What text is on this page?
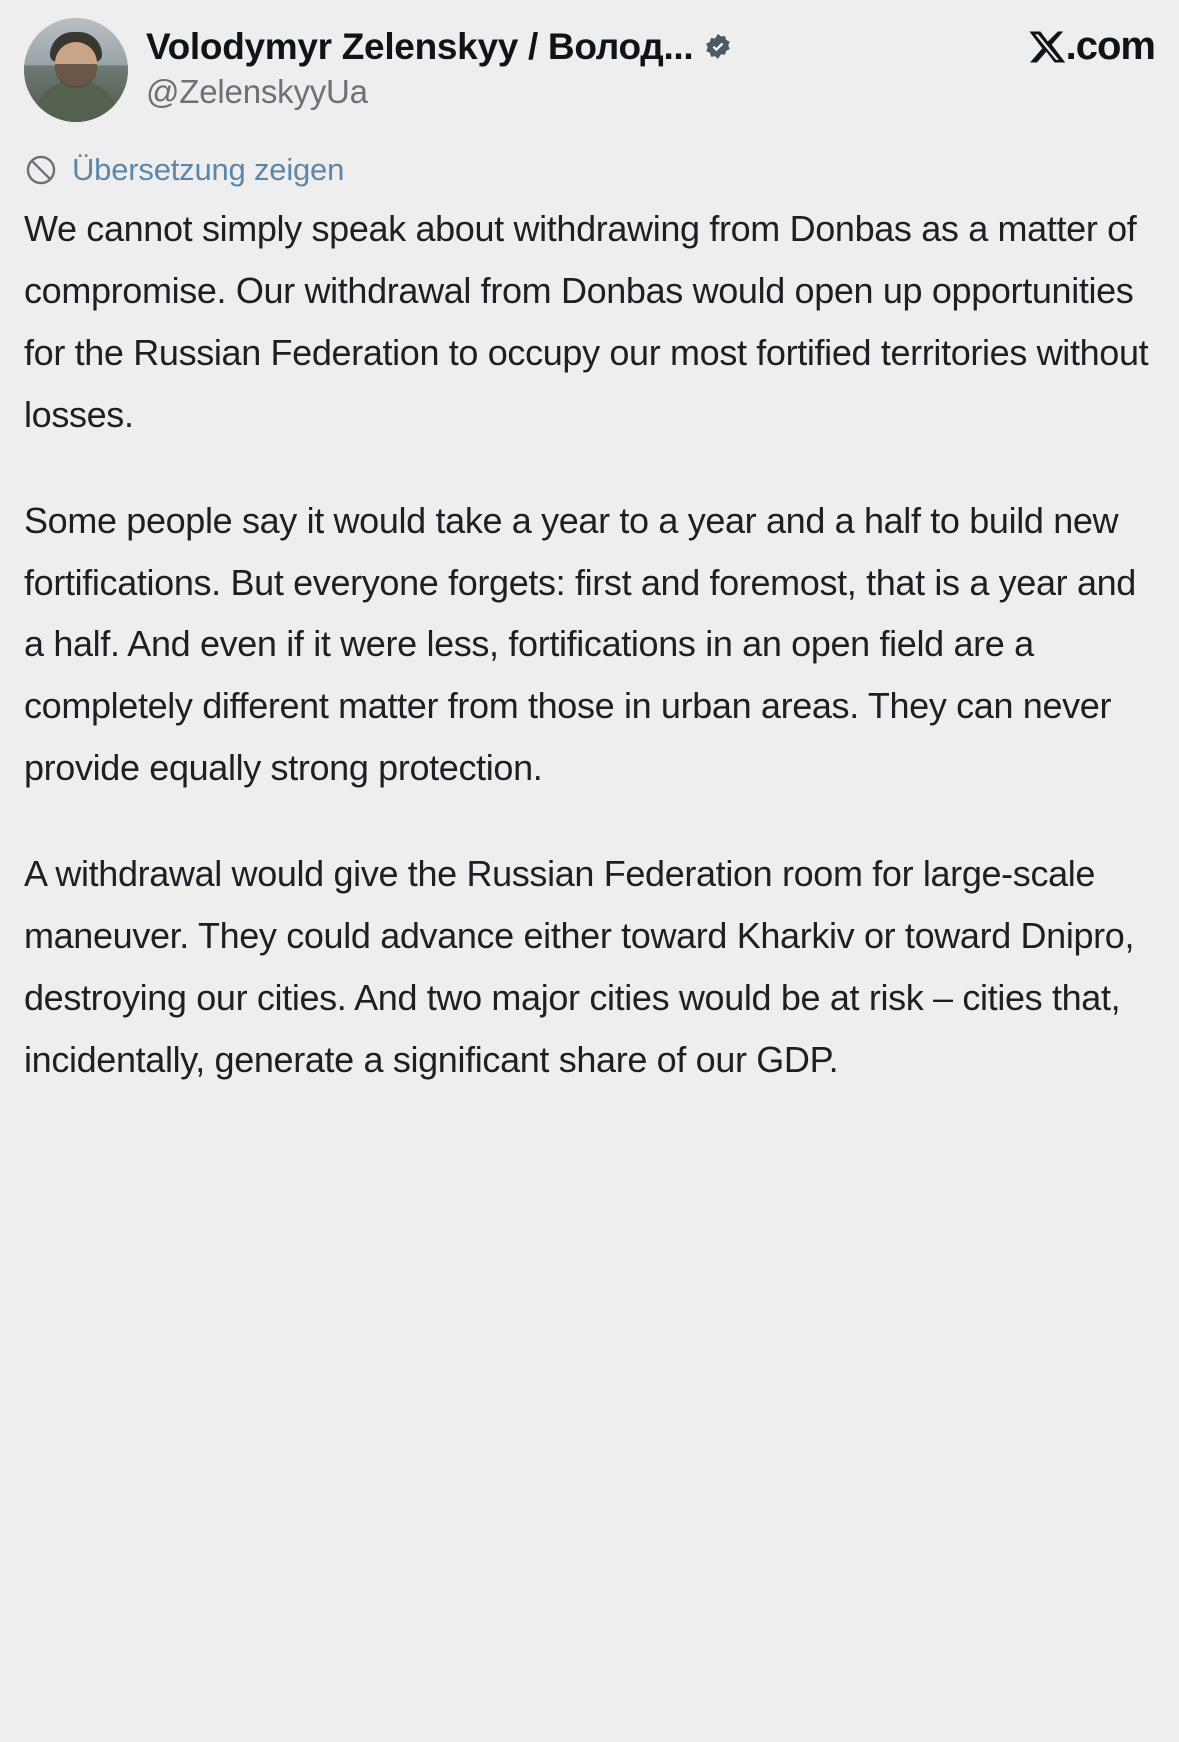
Volodymyr Zelenskyy / Волод...	.com
@ZelenskyyUa
Übersetzung zeigen

We cannot simply speak about withdrawing from Donbas as a matter of compromise. Our withdrawal from Donbas would open up opportunities for the Russian Federation to occupy our most fortified territories without losses.

Some people say it would take a year to a year and a half to build new fortifications. But everyone forgets: first and foremost, that is a year and a half. And even if it were less, fortifications in an open field are a completely different matter from those in urban areas. They can never provide equally strong protection.

A withdrawal would give the Russian Federation room for large-scale maneuver. They could advance either toward Kharkiv or toward Dnipro, destroying our cities. And two major cities would be at risk – cities that, incidentally, generate a significant share of our GDP.
